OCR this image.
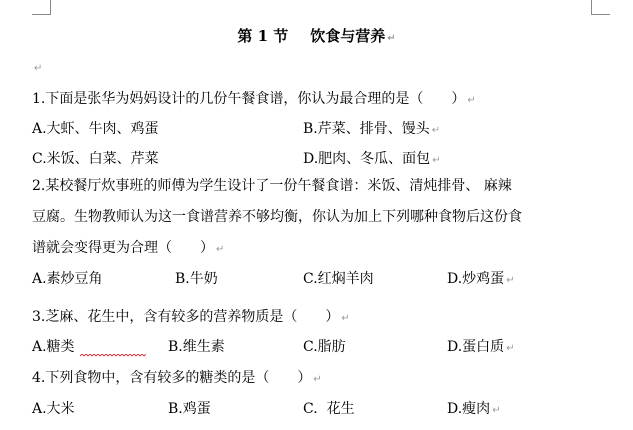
第 1 节 饮食与营养 ↵
↵
1.下面是张华为妈妈设计的几份午餐食谱，你认为最合理的是（　　） ↵
A.大虾、牛肉、鸡蛋	B.芹菜、排骨、馒头 ↵
C.米饭、白菜、芹菜	D.肥肉、冬瓜、面包 ↵
2.某校餐厅炊事班的师傅为学生设计了一份午餐食谱：米饭、清炖排骨、 麻辣
豆腐。生物教师认为这一食谱营养不够均衡，你认为加上下列哪种食物后这份食
谱就会变得更为合理（　　） ↵
A.素炒豆角	B.牛奶	C.红焖羊肉	D.炒鸡蛋 ↵
3.芝麻、花生中，含有较多的营养物质是（　　） ↵
A.糖类	B.维生素	C.脂肪	D.蛋白质 ↵
4.下列食物中，含有较多的糖类的是（　　） ↵
A.大米	B.鸡蛋	C.  花生	D.瘦肉 ↵
